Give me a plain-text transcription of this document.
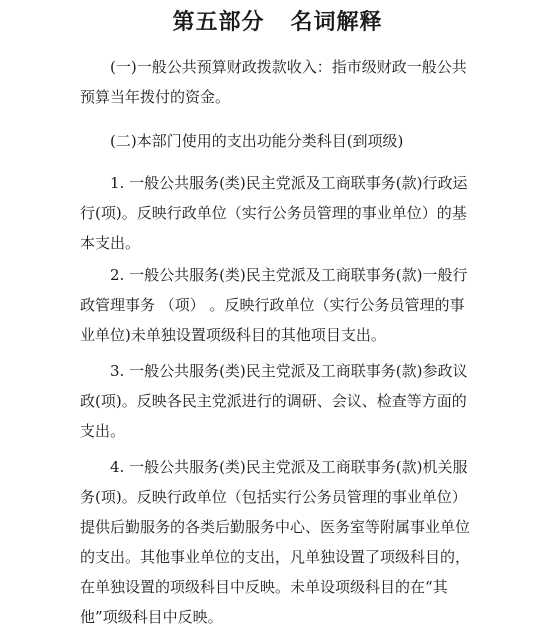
第五部分   名词解释

(一)一般公共预算财政拨款收入：指市级财政一般公共预算当年拨付的资金。

(二)本部门使用的支出功能分类科目(到项级)

1. 一般公共服务(类)民主党派及工商联事务(款)行政运行(项)。反映行政单位（实行公务员管理的事业单位）的基本支出。

2. 一般公共服务(类)民主党派及工商联事务(款)一般行政管理事务 （项） 。反映行政单位（实行公务员管理的事业单位)未单独设置项级科目的其他项目支出。

3. 一般公共服务(类)民主党派及工商联事务(款)参政议政(项)。反映各民主党派进行的调研、会议、检查等方面的支出。

4. 一般公共服务(类)民主党派及工商联事务(款)机关服务(项)。反映行政单位（包括实行公务员管理的事业单位）提供后勤服务的各类后勤服务中心、医务室等附属事业单位的支出。其他事业单位的支出，凡单独设置了项级科目的，在单独设置的项级科目中反映。未单设项级科目的在“其他”项级科目中反映。
